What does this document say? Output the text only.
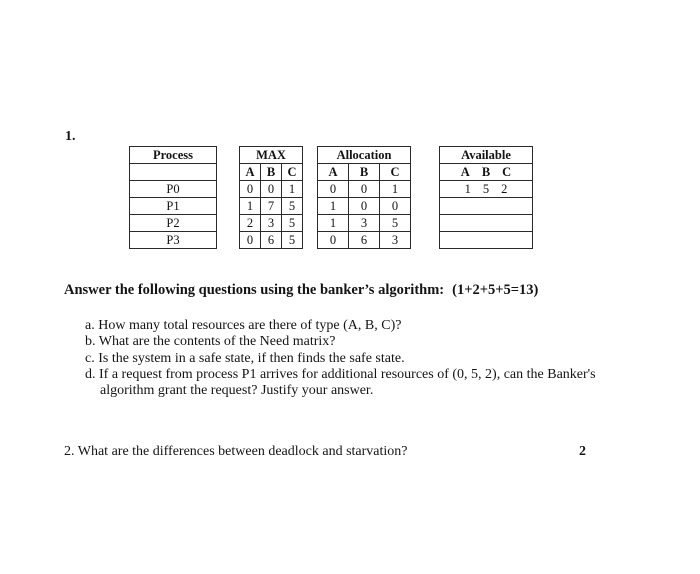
1.
Process		MAX				Allocation				Available
		A	B	C		A	B	C		A B C

P0		0	0	1		0	0	1		1 5 2

P1		1	7	5		1	0	0		
P2		2	3	5		1	3	5		
P3		0	6	5		0	6	3		
Answer the following questions using the banker’s algorithm: (1+2+5+5=13)
a. How many total resources are there of type (A, B, C)?
b. What are the contents of the Need matrix?
c. Is the system in a safe state, if then finds the safe state.
d. If a request from process P1 arrives for additional resources of (0, 5, 2), can the Banker's
algorithm grant the request? Justify your answer.
2. What are the differences between deadlock and starvation?	2
